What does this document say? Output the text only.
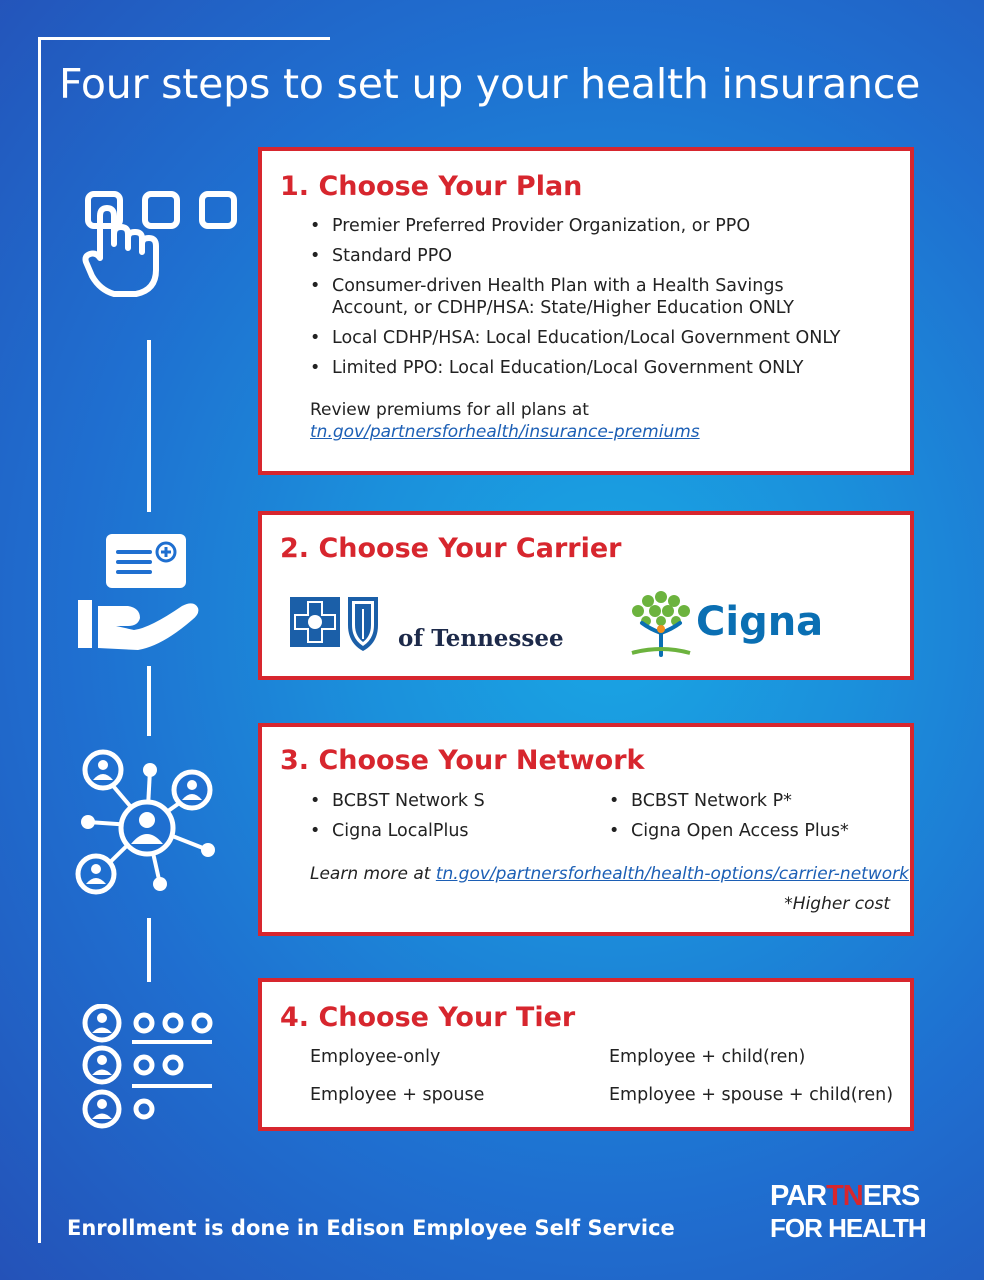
Four steps to set up your health insurance
1. Choose Your Plan
• Premier Preferred Provider Organization, or PPO
• Standard PPO
• Consumer-driven Health Plan with a Health Savings Account, or CDHP/HSA: State/Higher Education ONLY
• Local CDHP/HSA: Local Education/Local Government ONLY
• Limited PPO: Local Education/Local Government ONLY
Review premiums for all plans at
tn.gov/partnersforhealth/insurance-premiums
2. Choose Your Carrier
of Tennessee	Cigna
3. Choose Your Network
• BCBST Network S
• Cigna LocalPlus
• BCBST Network P*
• Cigna Open Access Plus*
Learn more at tn.gov/partnersforhealth/health-options/carrier-network
*Higher cost
4. Choose Your Tier
Employee-only	Employee + child(ren)
Employee + spouse	Employee + spouse + child(ren)
Enrollment is done in Edison Employee Self Service
PARTNERS
FOR HEALTH
